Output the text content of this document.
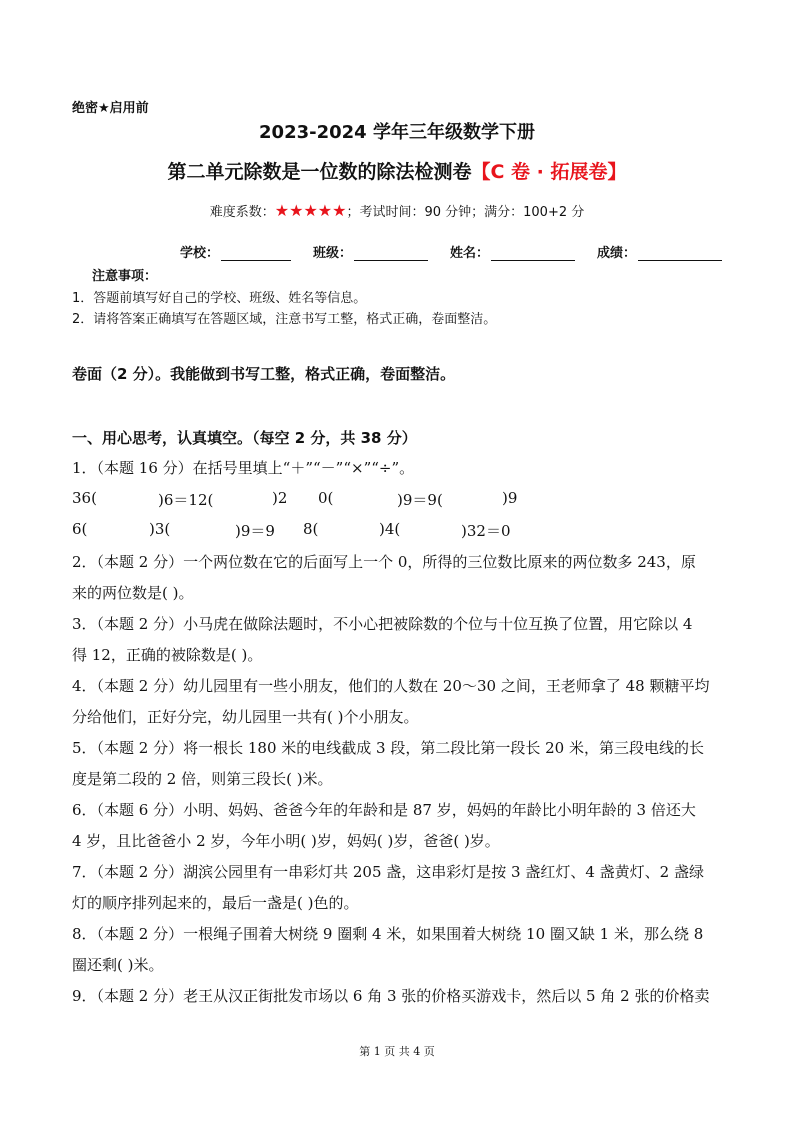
绝密★启用前
2023-2024 学年三年级数学下册
第二单元除数是一位数的除法检测卷【C 卷 · 拓展卷】
难度系数：★★★★★；考试时间：90 分钟；满分：100+2 分
学校：	班级：	姓名：	成绩：
注意事项：
1．答题前填写好自己的学校、班级、姓名等信息。
2．请将答案正确填写在答题区域，注意书写工整，格式正确，卷面整洁。
卷面（2 分）。我能做到书写工整，格式正确，卷面整洁。
一、用心思考，认真填空。（每空 2 分，共 38 分）
1．（本题 16 分）在括号里填上“＋”“－”“×”“÷”。
36(	)6＝12(	)2 0(	)9＝9(	)9
6(	)3(	)9＝9 8(	)4(	)32＝0
2．（本题 2 分）一个两位数在它的后面写上一个 0，所得的三位数比原来的两位数多 243，原
来的两位数是( )。
3．（本题 2 分）小马虎在做除法题时，不小心把被除数的个位与十位互换了位置，用它除以 4
得 12，正确的被除数是( )。
4．（本题 2 分）幼儿园里有一些小朋友，他们的人数在 20～30 之间，王老师拿了 48 颗糖平均
分给他们，正好分完，幼儿园里一共有( )个小朋友。
5．（本题 2 分）将一根长 180 米的电线截成 3 段，第二段比第一段长 20 米，第三段电线的长
度是第二段的 2 倍，则第三段长( )米。
6．（本题 6 分）小明、妈妈、爸爸今年的年龄和是 87 岁，妈妈的年龄比小明年龄的 3 倍还大
4 岁，且比爸爸小 2 岁，今年小明( )岁，妈妈( )岁，爸爸( )岁。
7．（本题 2 分）湖滨公园里有一串彩灯共 205 盏，这串彩灯是按 3 盏红灯、4 盏黄灯、2 盏绿
灯的顺序排列起来的，最后一盏是( )色的。
8．（本题 2 分）一根绳子围着大树绕 9 圈剩 4 米，如果围着大树绕 10 圈又缺 1 米，那么绕 8
圈还剩( )米。
9．（本题 2 分）老王从汉正街批发市场以 6 角 3 张的价格买游戏卡，然后以 5 角 2 张的价格卖
第 1 页 共 4 页
